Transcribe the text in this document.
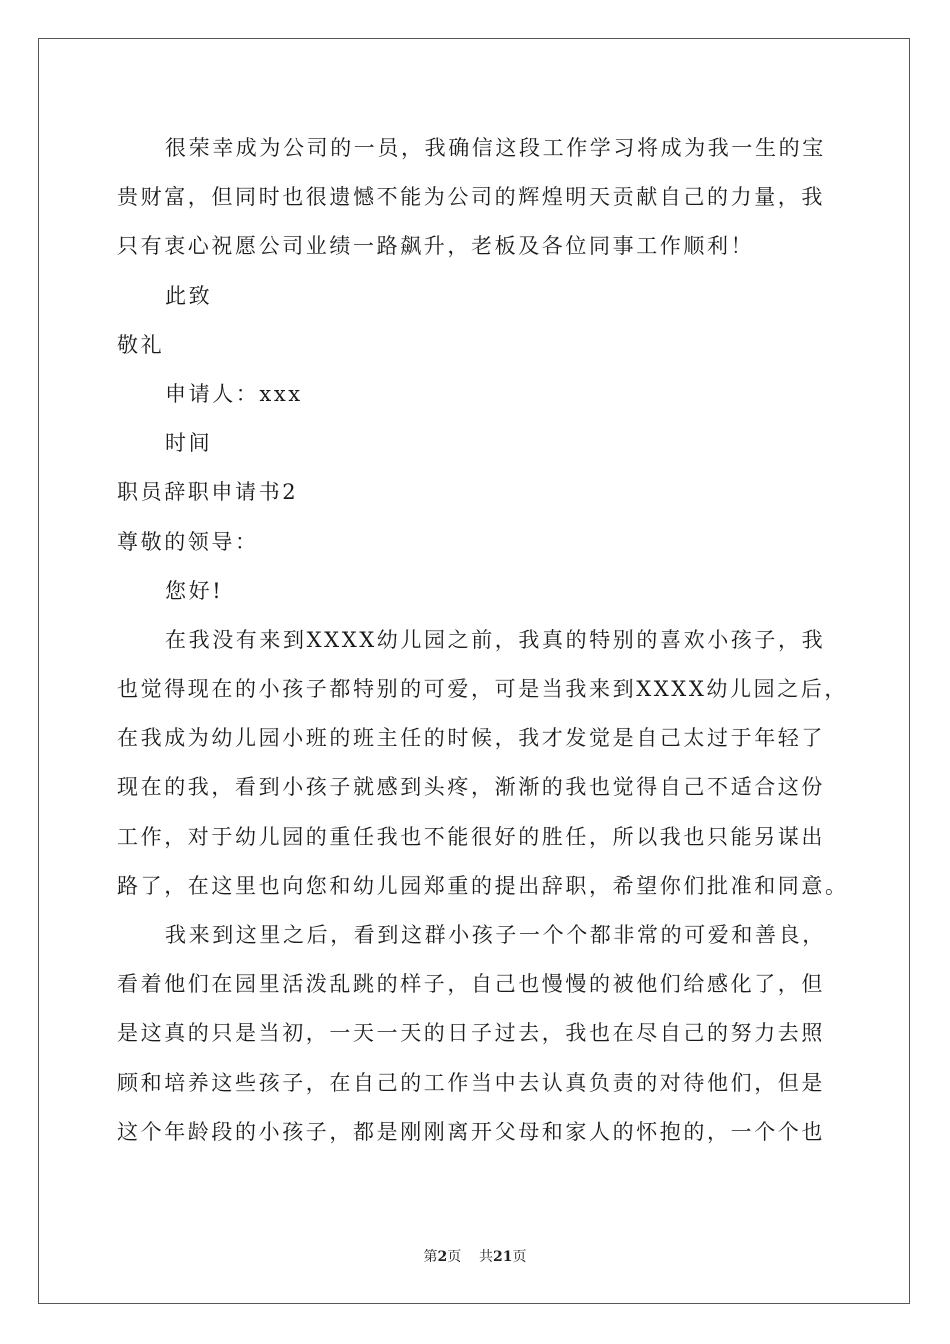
很荣幸成为公司的一员，我确信这段工作学习将成为我一生的宝
贵财富，但同时也很遗憾不能为公司的辉煌明天贡献自己的力量，我
只有衷心祝愿公司业绩一路飙升，老板及各位同事工作顺利！
此致
敬礼
申请人：xxx
时间
职员辞职申请书2
尊敬的领导：
您好!
在我没有来到XXXX幼儿园之前，我真的特别的喜欢小孩子，我
也觉得现在的小孩子都特别的可爱，可是当我来到XXXX幼儿园之后，
在我成为幼儿园小班的班主任的时候，我才发觉是自己太过于年轻了
现在的我，看到小孩子就感到头疼，渐渐的我也觉得自己不适合这份
工作，对于幼儿园的重任我也不能很好的胜任，所以我也只能另谋出
路了，在这里也向您和幼儿园郑重的提出辞职，希望你们批准和同意。
我来到这里之后，看到这群小孩子一个个都非常的可爱和善良，
看着他们在园里活泼乱跳的样子，自己也慢慢的被他们给感化了，但
是这真的只是当初，一天一天的日子过去，我也在尽自己的努力去照
顾和培养这些孩子，在自己的工作当中去认真负责的对待他们，但是
这个年龄段的小孩子，都是刚刚离开父母和家人的怀抱的，一个个也
第2页 共21页
